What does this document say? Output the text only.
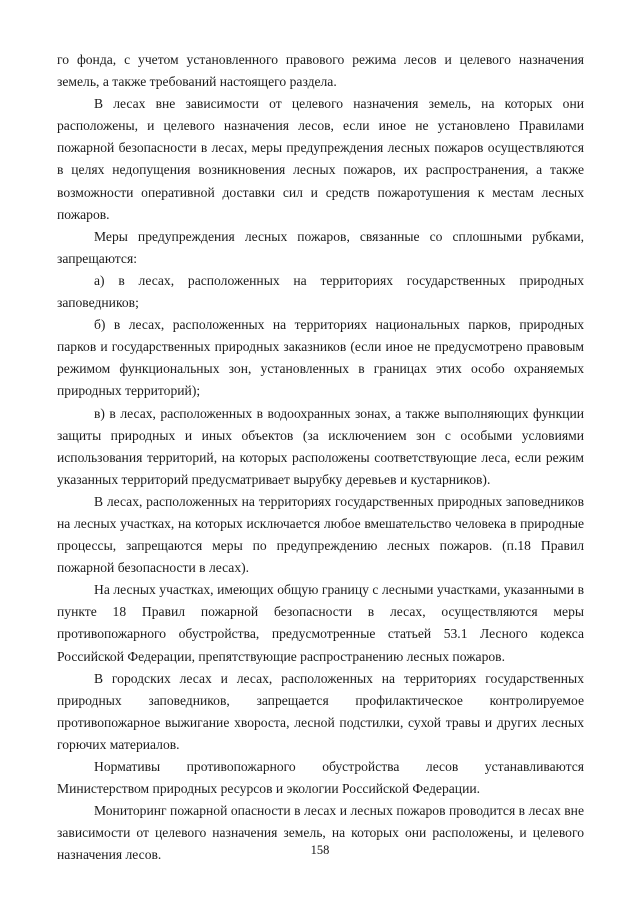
го фонда, с учетом установленного правового режима лесов и целевого назначения земель, а также требований настоящего раздела.

В лесах вне зависимости от целевого назначения земель, на которых они расположены, и целевого назначения лесов, если иное не установлено Правилами пожарной безопасности в лесах, меры предупреждения лесных пожаров осуществляются в целях недопущения возникновения лесных пожаров, их распространения, а также возможности оперативной доставки сил и средств пожаротушения к местам лесных пожаров.

Меры предупреждения лесных пожаров, связанные со сплошными рубками, запрещаются:

а) в лесах, расположенных на территориях государственных природных заповедников;

б) в лесах, расположенных на территориях национальных парков, природных парков и государственных природных заказников (если иное не предусмотрено правовым режимом функциональных зон, установленных в границах этих особо охраняемых природных территорий);

в) в лесах, расположенных в водоохранных зонах, а также выполняющих функции защиты природных и иных объектов (за исключением зон с особыми условиями использования территорий, на которых расположены соответствующие леса, если режим указанных территорий предусматривает вырубку деревьев и кустарников).

В лесах, расположенных на территориях государственных природных заповедников на лесных участках, на которых исключается любое вмешательство человека в природные процессы, запрещаются меры по предупреждению лесных пожаров. (п.18 Правил пожарной безопасности в лесах).

На лесных участках, имеющих общую границу с лесными участками, указанными в пункте 18 Правил пожарной безопасности в лесах, осуществляются меры противопожарного обустройства, предусмотренные статьей 53.1 Лесного кодекса Российской Федерации, препятствующие распространению лесных пожаров.

В городских лесах и лесах, расположенных на территориях государственных природных заповедников, запрещается профилактическое контролируемое противопожарное выжигание хвороста, лесной подстилки, сухой травы и других лесных горючих материалов.

Нормативы противопожарного обустройства лесов устанавливаются Министерством природных ресурсов и экологии Российской Федерации.

Мониторинг пожарной опасности в лесах и лесных пожаров проводится в лесах вне зависимости от целевого назначения земель, на которых они расположены, и целевого назначения лесов.	158
